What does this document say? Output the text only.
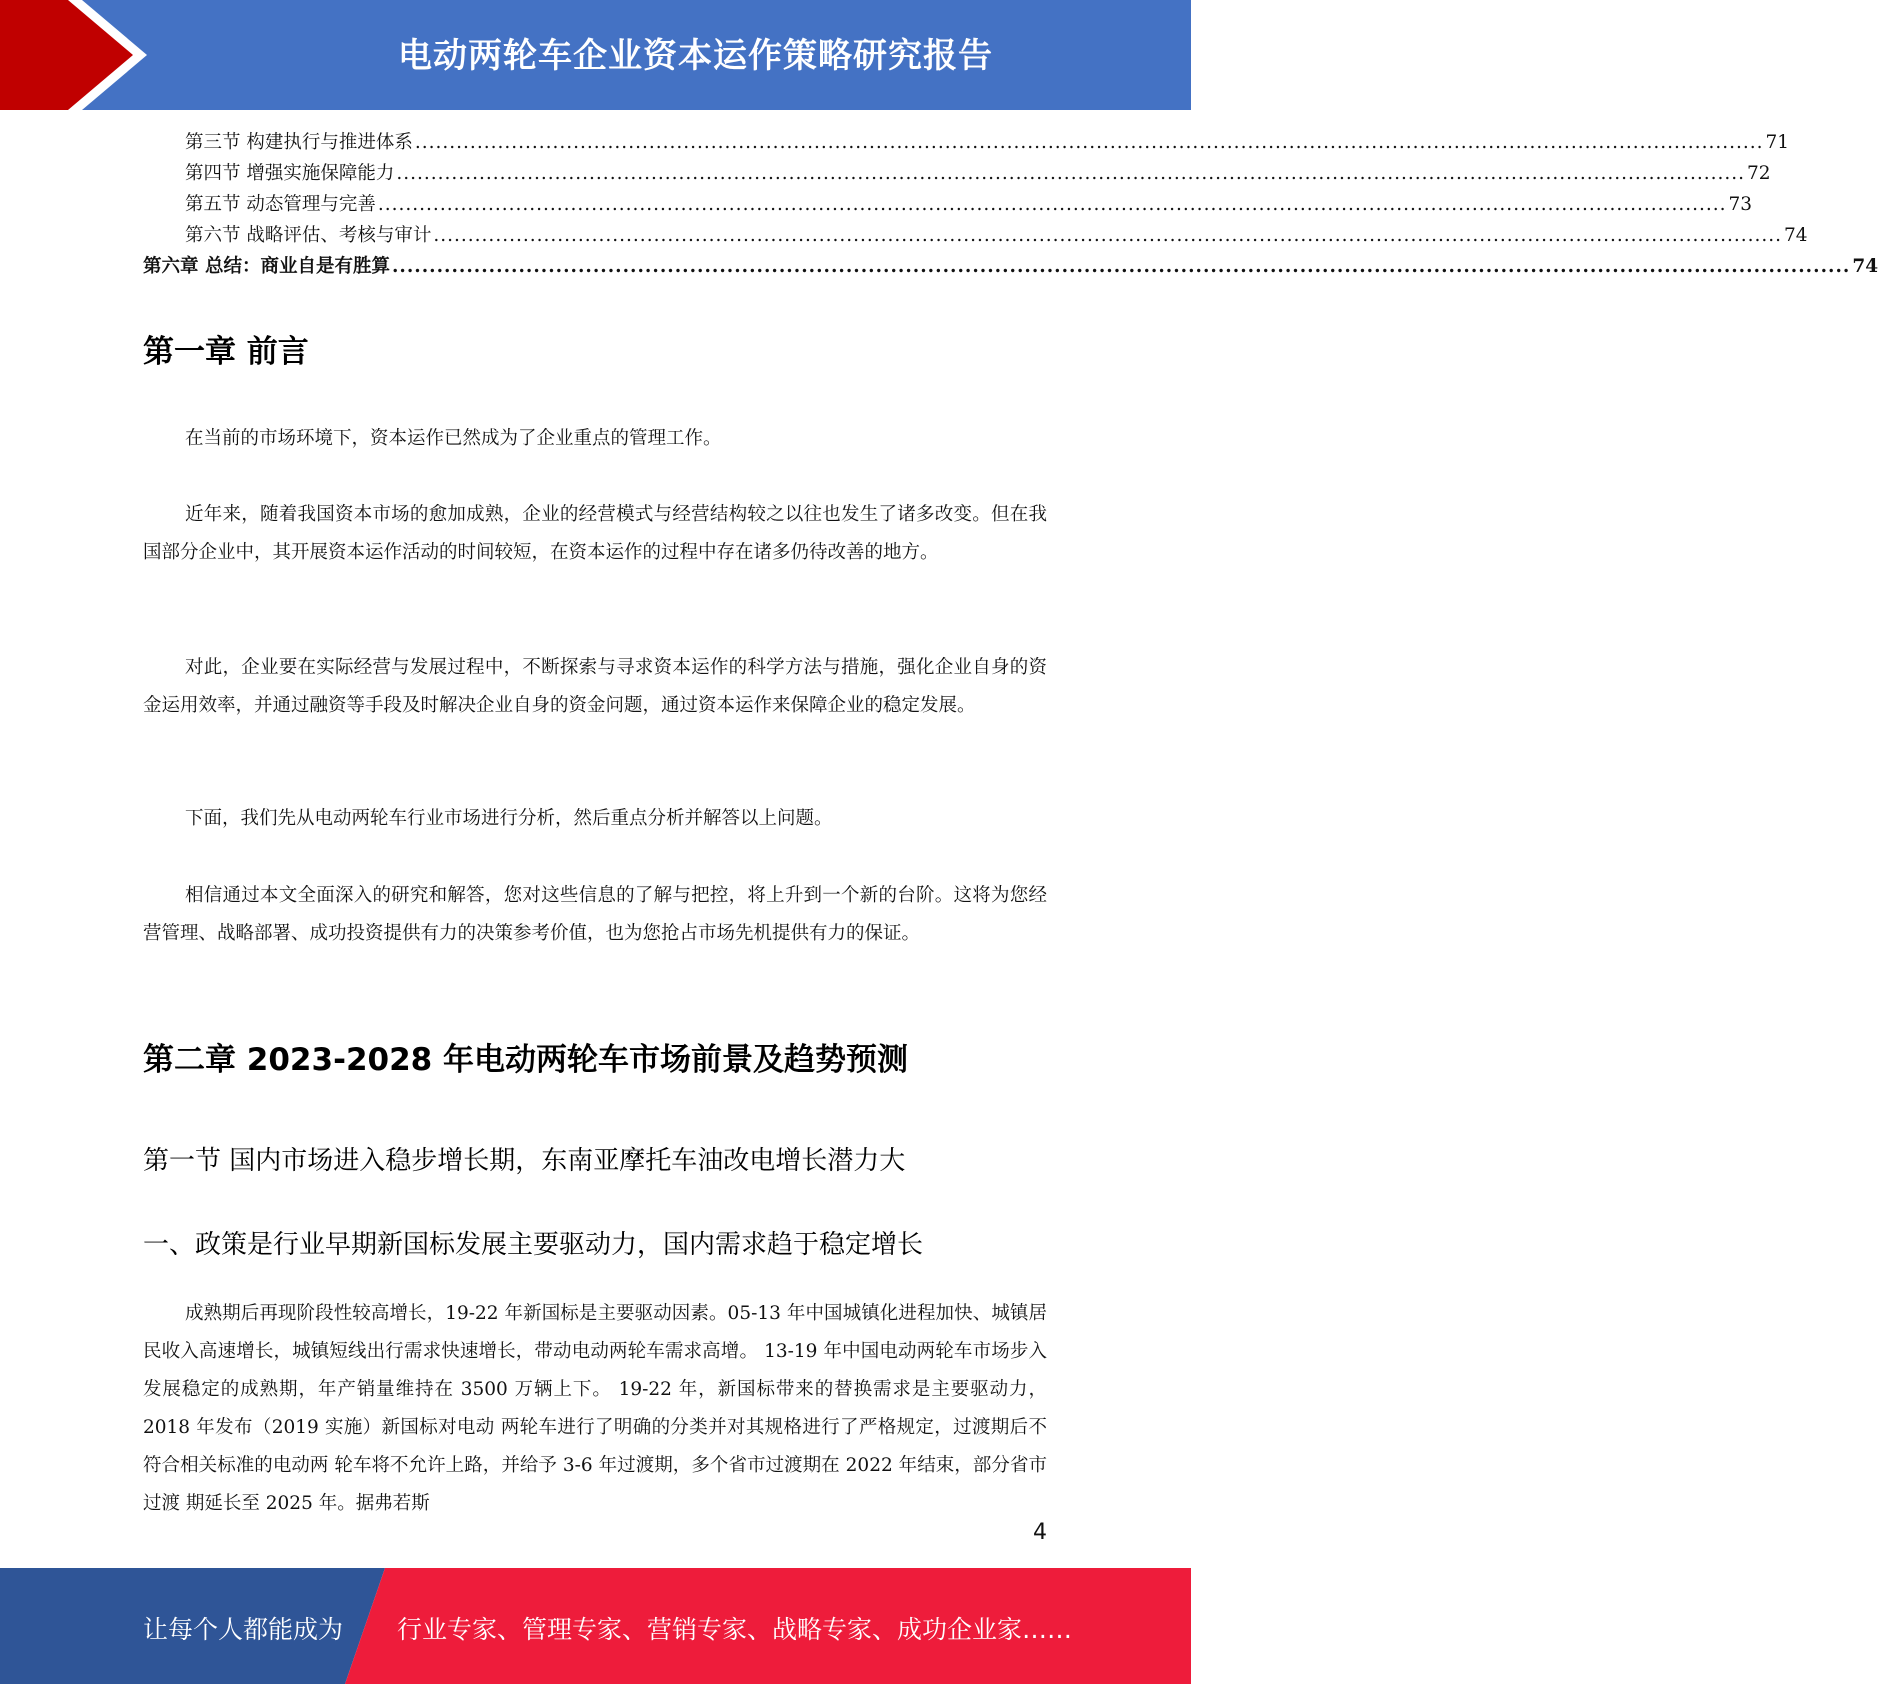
电动两轮车企业资本运作策略研究报告
第三节 构建执行与推进体系 .................................................................................................................................................................................................... 71
第四节 增强实施保障能力 .................................................................................................................................................................................................... 72
第五节 动态管理与完善 .................................................................................................................................................................................................... 73
第六节 战略评估、考核与审计 .................................................................................................................................................................................................... 74
第六章 总结：商业自是有胜算 .................................................................................................................................................................................................... 74
第一章 前言
在当前的市场环境下，资本运作已然成为了企业重点的管理工作。
近年来，随着我国资本市场的愈加成熟，企业的经营模式与经营结构较之以往也发生了诸多改变。但在我国部分企业中，其开展资本运作活动的时间较短，在资本运作的过程中存在诸多仍待改善的地方。
对此，企业要在实际经营与发展过程中，不断探索与寻求资本运作的科学方法与措施，强化企业自身的资金运用效率，并通过融资等手段及时解决企业自身的资金问题，通过资本运作来保障企业的稳定发展。
下面，我们先从电动两轮车行业市场进行分析，然后重点分析并解答以上问题。
相信通过本文全面深入的研究和解答，您对这些信息的了解与把控，将上升到一个新的台阶。这将为您经营管理、战略部署、成功投资提供有力的决策参考价值，也为您抢占市场先机提供有力的保证。
第二章 2023-2028 年电动两轮车市场前景及趋势预测
第一节 国内市场进入稳步增长期，东南亚摩托车油改电增长潜力大
一、政策是行业早期新国标发展主要驱动力，国内需求趋于稳定增长
成熟期后再现阶段性较高增长，19-22 年新国标是主要驱动因素。05-13 年中国城镇化进程加快、城镇居民收入高速增长，城镇短线出行需求快速增长，带动电动两轮车需求高增。 13-19 年中国电动两轮车市场步入发展稳定的成熟期，年产销量维持在 3500 万辆上下。 19-22 年，新国标带来的替换需求是主要驱动力，2018 年发布（2019 实施）新国标对电动 两轮车进行了明确的分类并对其规格进行了严格规定，过渡期后不符合相关标准的电动两 轮车将不允许上路，并给予 3-6 年过渡期，多个省市过渡期在 2022 年结束，部分省市过渡 期延长至 2025 年。据弗若斯
4
让每个人都能成为 行业专家、管理专家、营销专家、战略专家、成功企业家……
